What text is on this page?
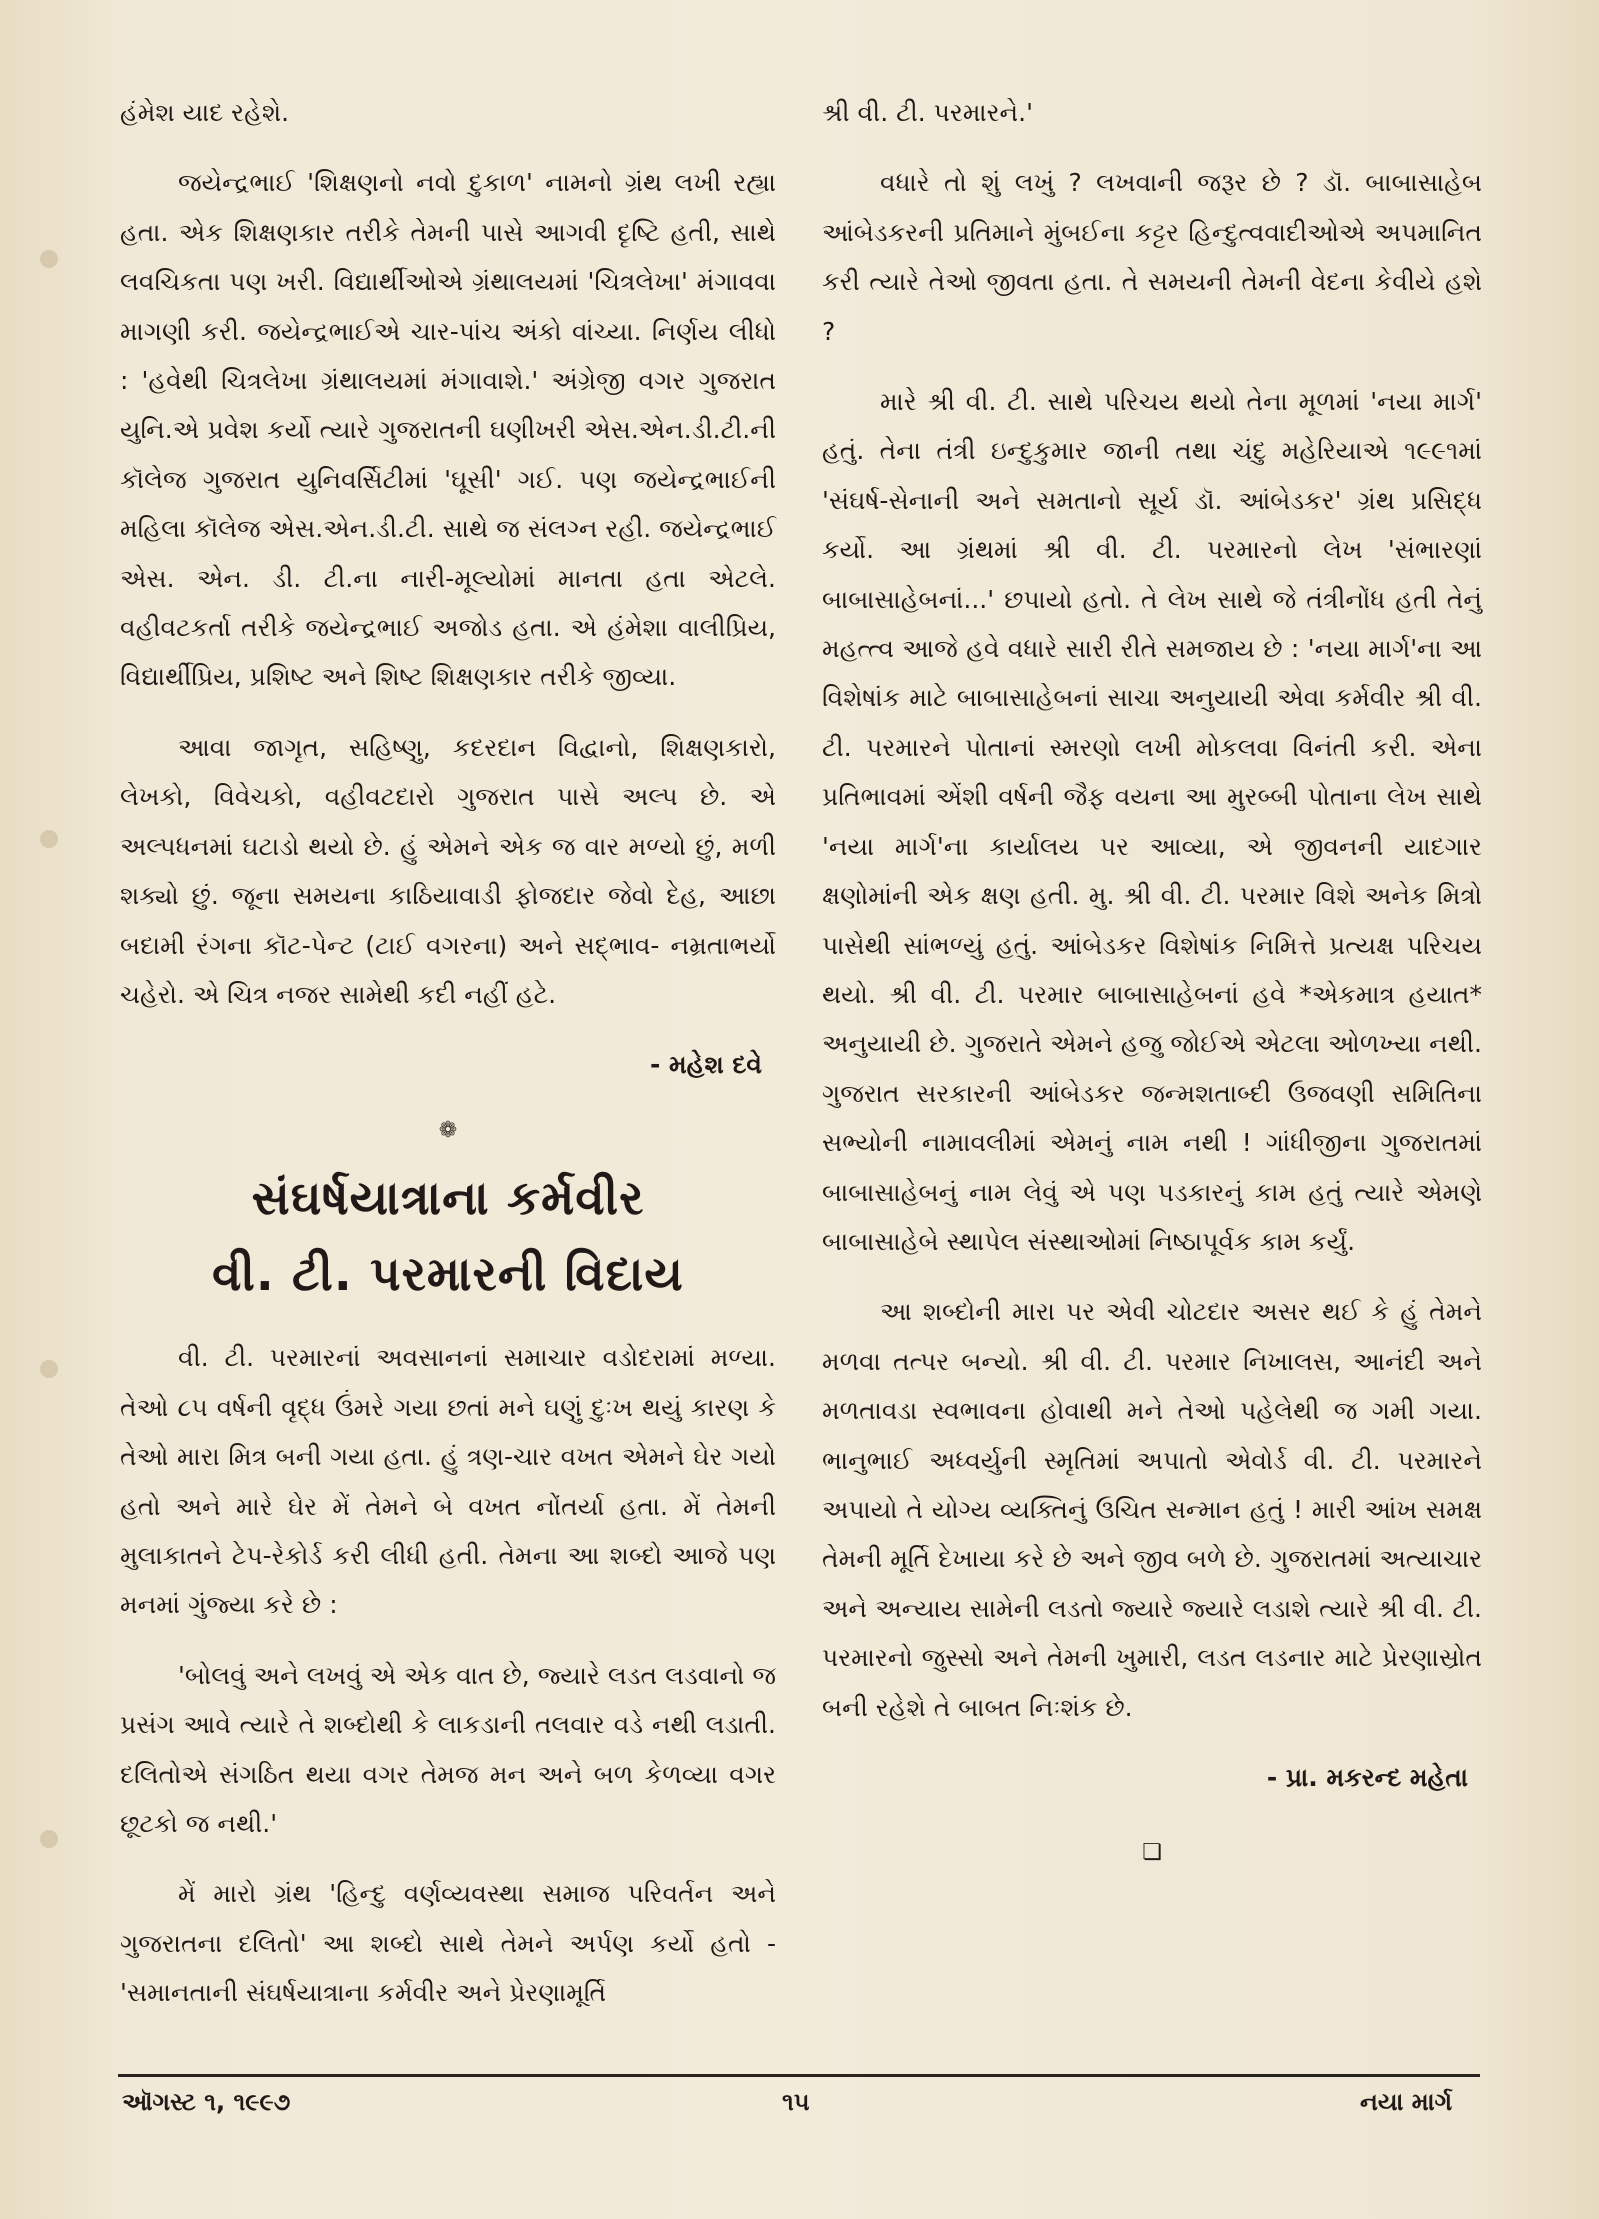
હંમેશ યાદ રહેશે.

જયેન્દ્રભાઈ 'શિક્ષણનો નવો દુકાળ' નામનો ગ્રંથ લખી રહ્યા હતા. એક શિક્ષણકાર તરીકે તેમની પાસે આગવી દૃષ્ટિ હતી, સાથે લવચિકતા પણ ખરી. વિદ્યાર્થીઓએ ગ્રંથાલયમાં 'ચિત્રલેખા' મંગાવવા માગણી કરી. જયેન્દ્રભાઈએ ચાર-પાંચ અંકો વાંચ્યા. નિર્ણય લીધો : 'હવેથી ચિત્રલેખા ગ્રંથાલયમાં મંગાવાશે.' અંગ્રેજી વગર ગુજરાત યુનિ.એ પ્રવેશ કર્યો ત્યારે ગુજરાતની ઘણીખરી એસ.એન.ડી.ટી.ની કૉલેજ ગુજરાત યુનિવર્સિટીમાં 'ઘૂસી' ગઈ. પણ જયેન્દ્રભાઈની મહિલા કૉલેજ એસ.એન.ડી.ટી. સાથે જ સંલગ્ન રહી. જયેન્દ્રભાઈ એસ. એન. ડી. ટી.ના નારી-મૂલ્યોમાં માનતા હતા એટલે. વહીવટકર્તા તરીકે જયેન્દ્રભાઈ અજોડ હતા. એ હંમેશા વાલીપ્રિય, વિદ્યાર્થીપ્રિય, પ્રશિષ્ટ અને શિષ્ટ શિક્ષણકાર તરીકે જીવ્યા.

આવા જાગૃત, સહિષ્ણુ, કદરદાન વિદ્વાનો, શિક્ષણકારો, લેખકો, વિવેચકો, વહીવટદારો ગુજરાત પાસે અલ્પ છે. એ અલ્પધનમાં ઘટાડો થયો છે. હું એમને એક જ વાર મળ્યો છું, મળી શક્યો છું. જૂના સમયના કાઠિયાવાડી ફોજદાર જેવો દેહ, આછા બદામી રંગના કૉટ-પેન્ટ (ટાઈ વગરના) અને સદ્ભાવ- નમ્રતાભર્યો ચહેરો. એ ચિત્ર નજર સામેથી કદી નહીં હટે.

- મહેશ દવે
❁
સંઘર્ષયાત્રાના કર્મવીર
વી. ટી. પરમારની વિદાય

વી. ટી. પરમારનાં અવસાનનાં સમાચાર વડોદરામાં મળ્યા. તેઓ ૮૫ વર્ષની વૃદ્ધ ઉંમરે ગયા છતાં મને ઘણું દુઃખ થયું કારણ કે તેઓ મારા મિત્ર બની ગયા હતા. હું ત્રણ-ચાર વખત એમને ઘેર ગયો હતો અને મારે ઘેર મેં તેમને બે વખત નોંતર્યા હતા. મેં તેમની મુલાકાતને ટેપ-રેકોર્ડ કરી લીધી હતી. તેમના આ શબ્દો આજે પણ મનમાં ગુંજ્યા કરે છે :

'બોલવું અને લખવું એ એક વાત છે, જ્યારે લડત લડવાનો જ પ્રસંગ આવે ત્યારે તે શબ્દોથી કે લાકડાની તલવાર વડે નથી લડાતી. દલિતોએ સંગઠિત થયા વગર તેમજ મન અને બળ કેળવ્યા વગર છૂટકો જ નથી.'

મેં મારો ગ્રંથ 'હિન્દુ વર્ણવ્યવસ્થા સમાજ પરિવર્તન અને ગુજરાતના દલિતો' આ શબ્દો સાથે તેમને અર્પણ કર્યો હતો - 'સમાનતાની સંઘર્ષયાત્રાના કર્મવીર અને પ્રેરણામૂર્તિ

શ્રી વી. ટી. પરમારને.'

વધારે તો શું લખું ? લખવાની જરૂર છે ? ડૉ. બાબાસાહેબ આંબેડકરની પ્રતિમાને મુંબઈના કટ્ટર હિન્દુત્વવાદીઓએ અપમાનિત કરી ત્યારે તેઓ જીવતા હતા. તે સમયની તેમની વેદના કેવીયે હશે ?

મારે શ્રી વી. ટી. સાથે પરિચય થયો તેના મૂળમાં 'નયા માર્ગ' હતું. તેના તંત્રી ઇન્દુકુમાર જાની તથા ચંદુ મહેરિયાએ ૧૯૯૧માં 'સંઘર્ષ-સેનાની અને સમતાનો સૂર્ય ડૉ. આંબેડકર' ગ્રંથ પ્રસિદ્ધ કર્યો. આ ગ્રંથમાં શ્રી વી. ટી. પરમારનો લેખ 'સંભારણાં બાબાસાહેબનાં...' છપાયો હતો. તે લેખ સાથે જે તંત્રીનોંધ હતી તેનું મહત્ત્વ આજે હવે વધારે સારી રીતે સમજાય છે : 'નયા માર્ગ'ના આ વિશેષાંક માટે બાબાસાહેબનાં સાચા અનુયાયી એવા કર્મવીર શ્રી વી. ટી. પરમારને પોતાનાં સ્મરણો લખી મોકલવા વિનંતી કરી. એના પ્રતિભાવમાં એંશી વર્ષની જૈફ વયના આ મુરબ્બી પોતાના લેખ સાથે 'નયા માર્ગ'ના કાર્યાલય પર આવ્યા, એ જીવનની યાદગાર ક્ષણોમાંની એક ક્ષણ હતી. મુ. શ્રી વી. ટી. પરમાર વિશે અનેક મિત્રો પાસેથી સાંભળ્યું હતું. આંબેડકર વિશેષાંક નિમિત્તે પ્રત્યક્ષ પરિચય થયો. શ્રી વી. ટી. પરમાર બાબાસાહેબનાં હવે *એકમાત્ર હયાત* અનુયાયી છે. ગુજરાતે એમને હજુ જોઈએ એટલા ઓળખ્યા નથી. ગુજરાત સરકારની આંબેડકર જન્મશતાબ્દી ઉજવણી સમિતિના સભ્યોની નામાવલીમાં એમનું નામ નથી ! ગાંધીજીના ગુજરાતમાં બાબાસાહેબનું નામ લેવું એ પણ પડકારનું કામ હતું ત્યારે એમણે બાબાસાહેબે સ્થાપેલ સંસ્થાઓમાં નિષ્ઠાપૂર્વક કામ કર્યું.

આ શબ્દોની મારા પર એવી ચોટદાર અસર થઈ કે હું તેમને મળવા તત્પર બન્યો. શ્રી વી. ટી. પરમાર નિખાલસ, આનંદી અને મળતાવડા સ્વભાવના હોવાથી મને તેઓ પહેલેથી જ ગમી ગયા. ભાનુભાઈ અધ્વર્યુની સ્મૃતિમાં અપાતો એવોર્ડ વી. ટી. પરમારને અપાયો તે યોગ્ય વ્યક્તિનું ઉચિત સન્માન હતું ! મારી આંખ સમક્ષ તેમની મૂર્તિ દેખાયા કરે છે અને જીવ બળે છે. ગુજરાતમાં અત્યાચાર અને અન્યાય સામેની લડતો જ્યારે જ્યારે લડાશે ત્યારે શ્રી વી. ટી. પરમારનો જુસ્સો અને તેમની ખુમારી, લડત લડનાર માટે પ્રેરણાસ્રોત બની રહેશે તે બાબત નિઃશંક છે.

- પ્રા. મકરન્દ મહેતા
❏
ઑગસ્ટ ૧, ૧૯૯૭	૧૫	નયા માર્ગ
